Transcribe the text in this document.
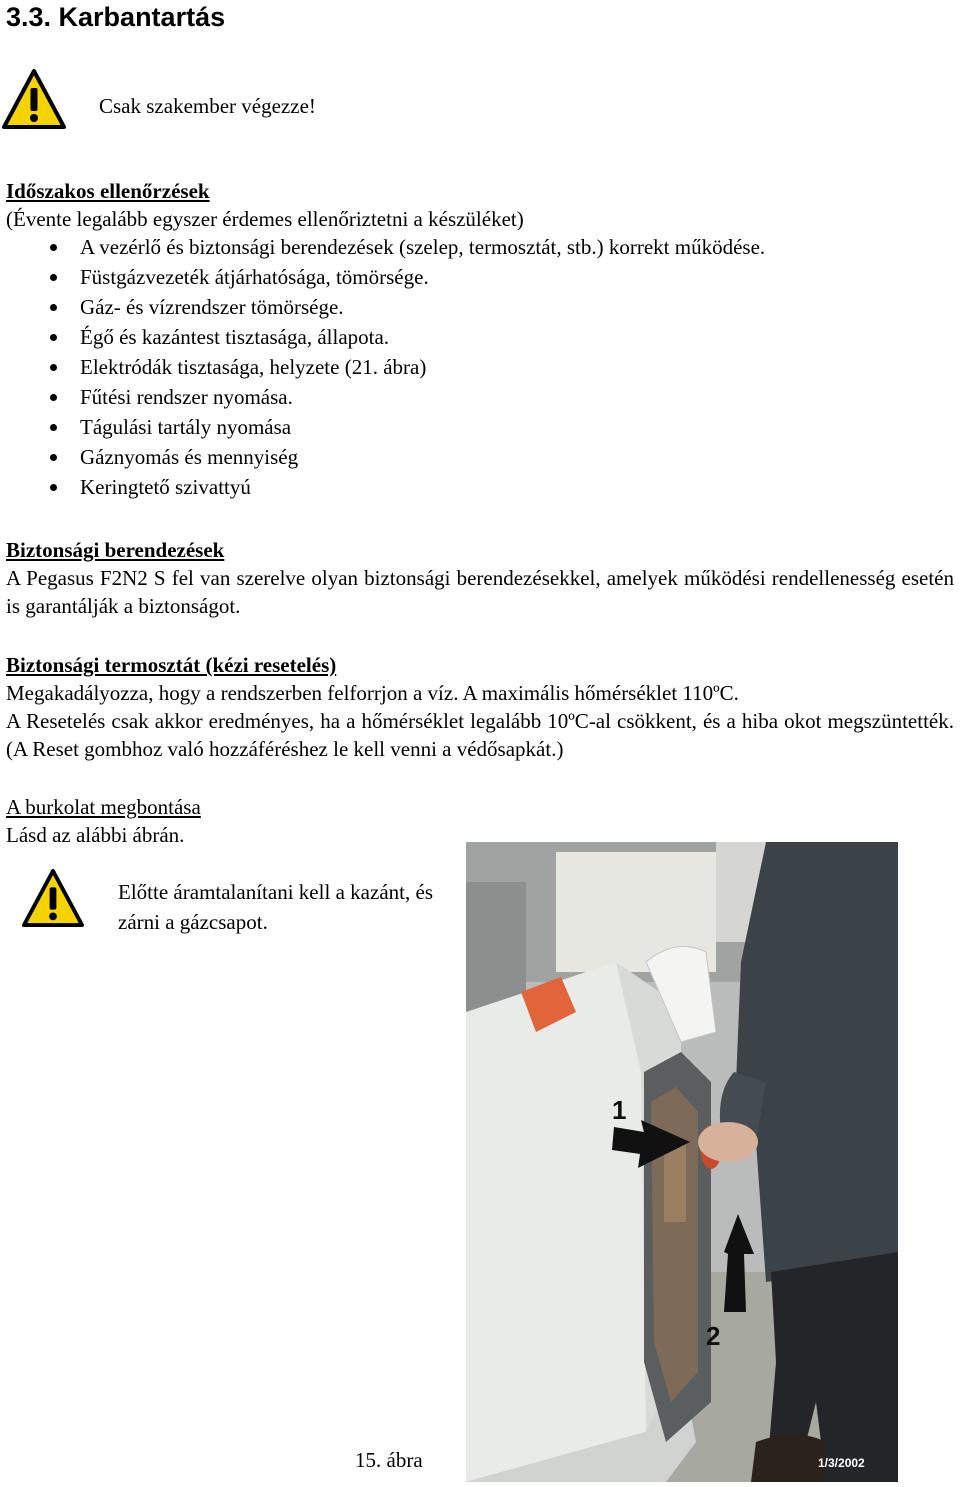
3.3. Karbantartás
Csak szakember végezze!
Időszakos ellenőrzések
(Évente legalább egyszer érdemes ellenőriztetni a készüléket)
A vezérlő és biztonsági berendezések (szelep, termosztát, stb.) korrekt működése.
Füstgázvezeték átjárhatósága, tömörsége.
Gáz- és vízrendszer tömörsége.
Égő és kazántest tisztasága, állapota.
Elektródák tisztasága, helyzete (21. ábra)
Fűtési rendszer nyomása.
Tágulási tartály nyomása
Gáznyomás és mennyiség
Keringtető szivattyú
Biztonsági berendezések
A Pegasus F2N2 S fel van szerelve olyan biztonsági berendezésekkel, amelyek működési rendellenesség esetén is garantálják a biztonságot.
Biztonsági termosztát (kézi resetelés)
Megakadályozza, hogy a rendszerben felforrjon a víz. A maximális hőmérséklet 110ºC.
A Resetelés csak akkor eredményes, ha a hőmérséklet legalább 10ºC-al csökkent, és a hiba okot megszüntették. (A Reset gombhoz való hozzáféréshez le kell venni a védősapkát.)
A burkolat megbontása
Lásd az alábbi ábrán.
Előtte áramtalanítani kell a kazánt, és zárni a gázcsapot.
1
2
1/3/2002
15. ábra
